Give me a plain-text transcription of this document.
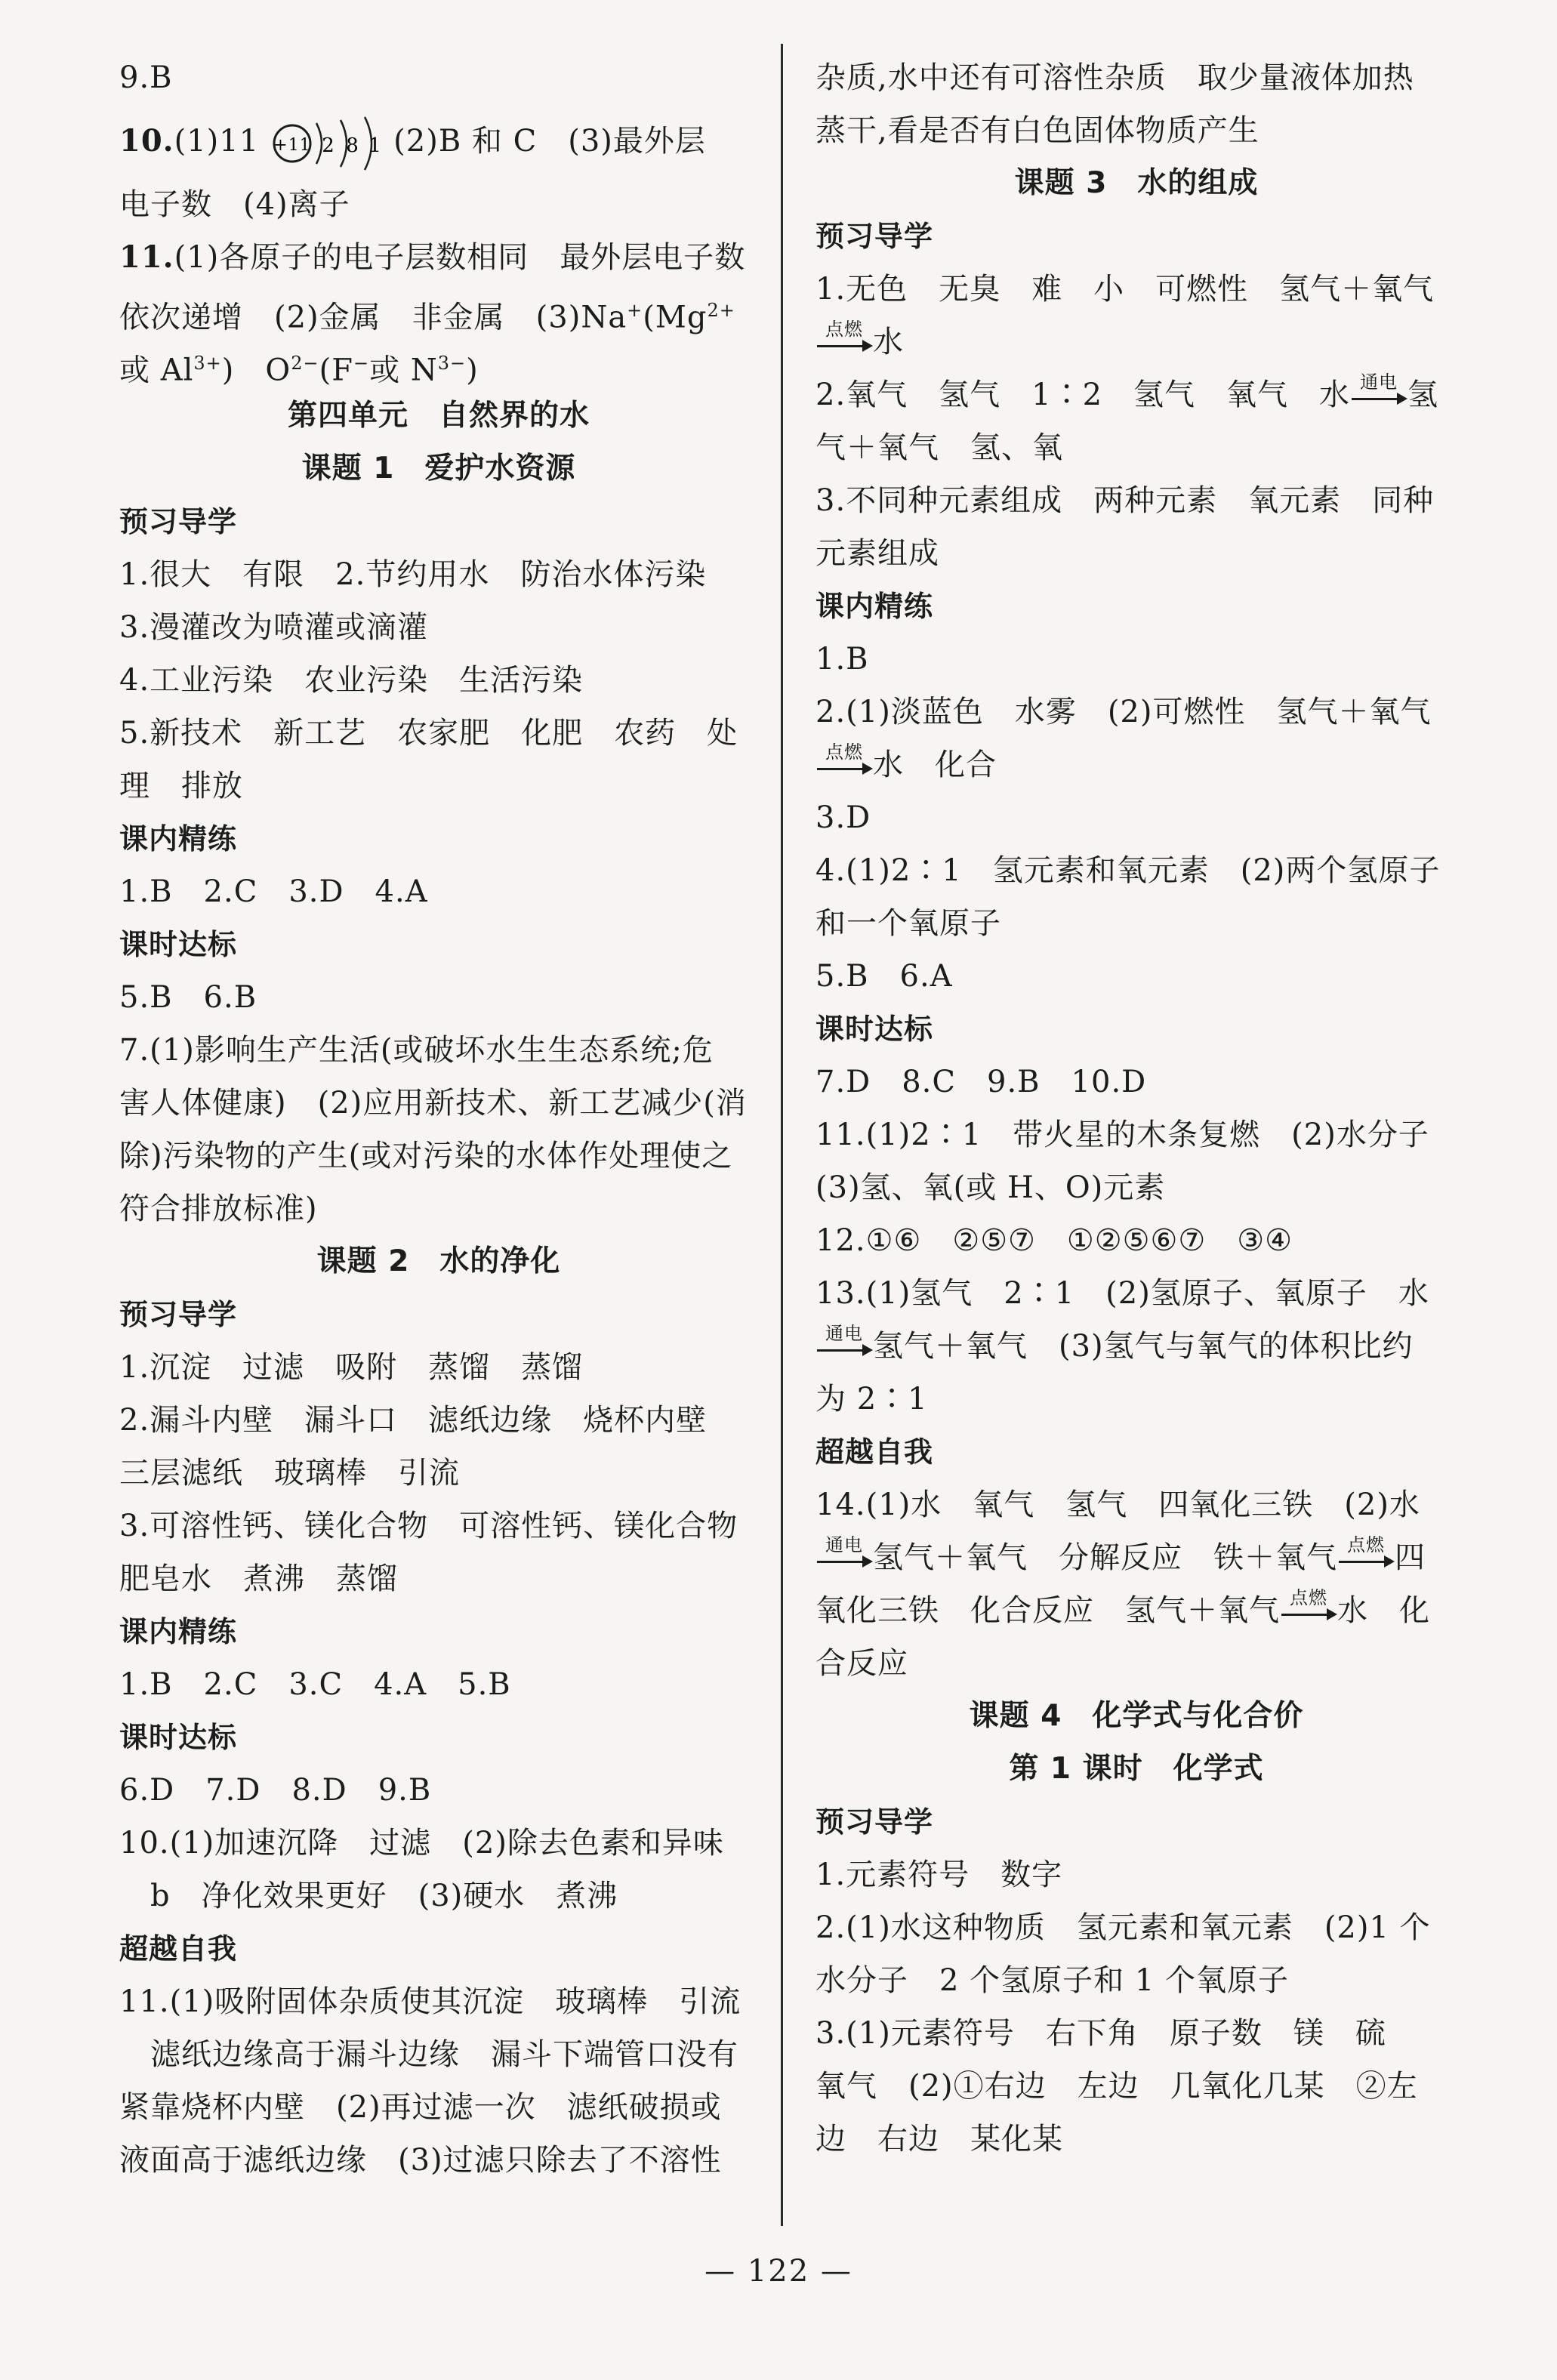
9.B
10.(1)11 +11 2 8 1 (2)B 和 C　(3)最外层
电子数　(4)离子
11.(1)各原子的电子层数相同　最外层电子数
依次递增　(2)金属　非金属　$(3)Na^+(Mg^{2+}$
或 $Al^{3+}$)　$O^{2-}(F^-$或 $N^{3-}$)
第四单元　自然界的水
课题 1　爱护水资源
预习导学
1.很大　有限　2.节约用水　防治水体污染
3.漫灌改为喷灌或滴灌
4.工业污染　农业污染　生活污染
5.新技术　新工艺　农家肥　化肥　农药　处
理　排放
课内精练
1.B　2.C　3.D　4.A
课时达标
5.B　6.B
7.(1)影响生产生活(或破坏水生生态系统;危
害人体健康)　(2)应用新技术、新工艺减少(消
除)污染物的产生(或对污染的水体作处理使之
符合排放标准)
课题 2　水的净化
预习导学
1.沉淀　过滤　吸附　蒸馏　蒸馏
2.漏斗内壁　漏斗口　滤纸边缘　烧杯内壁
三层滤纸　玻璃棒　引流
3.可溶性钙、镁化合物　可溶性钙、镁化合物
肥皂水　煮沸　蒸馏
课内精练
1.B　2.C　3.C　4.A　5.B
课时达标
6.D　7.D　8.D　9.B
10.(1)加速沉降　过滤　(2)除去色素和异味
　b　净化效果更好　(3)硬水　煮沸
超越自我
11.(1)吸附固体杂质使其沉淀　玻璃棒　引流
　滤纸边缘高于漏斗边缘　漏斗下端管口没有
紧靠烧杯内壁　(2)再过滤一次　滤纸破损或
液面高于滤纸边缘　(3)过滤只除去了不溶性
杂质,水中还有可溶性杂质　取少量液体加热
蒸干,看是否有白色固体物质产生
课题 3　水的组成
预习导学
1.无色　无臭　难　小　可燃性　氢气＋氧气
点燃 水
2.氧气　氢气　1∶2　氢气　氧气　水 通电 氢
气＋氧气　氢、氧
3.不同种元素组成　两种元素　氧元素　同种
元素组成
课内精练
1.B
2.(1)淡蓝色　水雾　(2)可燃性　氢气＋氧气
点燃 水　化合
3.D
4.(1)2∶1　氢元素和氧元素　(2)两个氢原子
和一个氧原子
5.B　6.A
课时达标
7.D　8.C　9.B　10.D
11.(1)2∶1　带火星的木条复燃　(2)水分子
(3)氢、氧(或 H、O)元素
12.①⑥　②⑤⑦　①②⑤⑥⑦　③④
13.(1)氢气　2∶1　(2)氢原子、氧原子　水
通电 氢气＋氧气　(3)氢气与氧气的体积比约
为 2∶1
超越自我
14.(1)水　氧气　氢气　四氧化三铁　(2)水
通电 氢气＋氧气　分解反应　铁＋氧气 点燃 四
氧化三铁　化合反应　氢气＋氧气 点燃 水　化
合反应
课题 4　化学式与化合价
第 1 课时　化学式
预习导学
1.元素符号　数字
2.(1)水这种物质　氢元素和氧元素　(2)1 个
水分子　2 个氢原子和 1 个氧原子
3.(1)元素符号　右下角　原子数　镁　硫
氧气　(2)①右边　左边　几氧化几某　②左
边　右边　某化某
— 122 —
